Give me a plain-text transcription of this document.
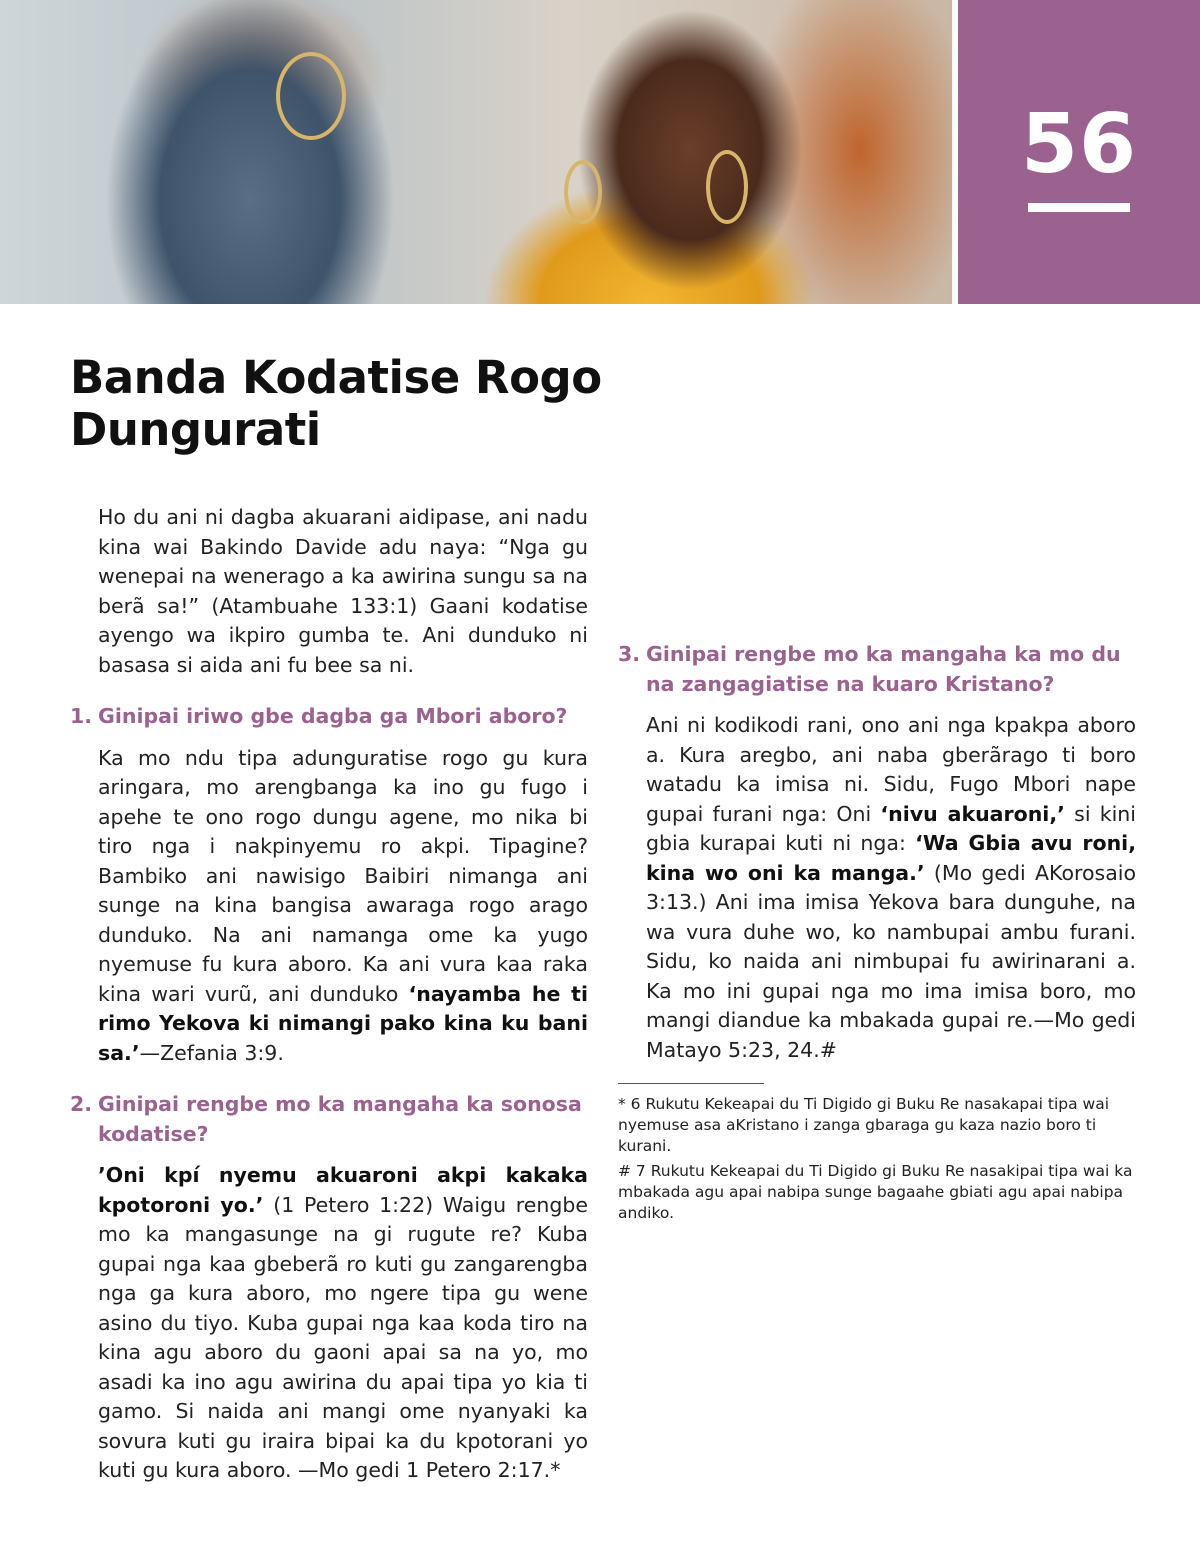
56
Banda Kodatise Rogo Dungurati

Ho du ani ni dagba akuarani aidipase, ani nadu kina wai Bakindo Davide adu naya: “Nga gu wenepai na wenerago a ka awirina sungu sa na berã sa!” (Atambuahe 133:1) Gaani kodatise ayengo wa ikpiro gumba te. Ani dunduko ni basasa si aida ani fu bee sa ni.

1. Ginipai iriwo gbe dagba ga Mbori aboro?

Ka mo ndu tipa adunguratise rogo gu kura aringara, mo arengbanga ka ino gu fugo i apehe te ono rogo dungu agene, mo nika bi tiro nga i nakpinyemu ro akpi. Tipagine? Bambiko ani nawisigo Baibiri nimanga ani sunge na kina bangisa awaraga rogo arago dunduko. Na ani namanga ome ka yugo nyemuse fu kura aboro. Ka ani vura kaa raka kina wari vurũ, ani dunduko ‘nayamba he ti rimo Yekova ki nimangi pako kina ku bani sa.’—Zefania 3:9.

2. Ginipai rengbe mo ka mangaha ka sonosa kodatise?

’Oni kpí nyemu akuaroni akpi kakaka kpotoroni yo.’ (1 Petero 1:22) Waigu rengbe mo ka mangasunge na gi rugute re? Kuba gupai nga kaa gbeberã ro kuti gu zangarengba nga ga kura aboro, mo ngere tipa gu wene asino du tiyo. Kuba gupai nga kaa koda tiro na kina agu aboro du gaoni apai sa na yo, mo asadi ka ino agu awirina du apai tipa yo kia ti gamo. Si naida ani mangi ome nyanyaki ka sovura kuti gu iraira bipai ka du kpotorani yo kuti gu kura aboro. —Mo gedi 1 Petero 2:17.*

3. Ginipai rengbe mo ka mangaha ka mo du na zangagiatise na kuaro Kristano?

Ani ni kodikodi rani, ono ani nga kpakpa aboro a. Kura aregbo, ani naba gberãrago ti boro watadu ka imisa ni. Sidu, Fugo Mbori nape gupai furani nga: Oni ‘nivu akuaroni,’ si kini gbia kurapai kuti ni nga: ‘Wa Gbia avu roni, kina wo oni ka manga.’ (Mo gedi AKorosaio 3:13.) Ani ima imisa Yekova bara dunguhe, na wa vura duhe wo, ko nambupai ambu furani. Sidu, ko naida ani nimbupai fu awirinarani a. Ka mo ini gupai nga mo ima imisa boro, mo mangi diandue ka mbakada gupai re.—Mo gedi Matayo 5:23, 24.#

* 6 Rukutu Kekeapai du Ti Digido gi Buku Re nasakapai tipa wai nyemuse asa aKristano i zanga gbaraga gu kaza nazio boro ti kurani.

# 7 Rukutu Kekeapai du Ti Digido gi Buku Re nasakipai tipa wai ka mbakada agu apai nabipa sunge bagaahe gbiati agu apai nabipa andiko.
